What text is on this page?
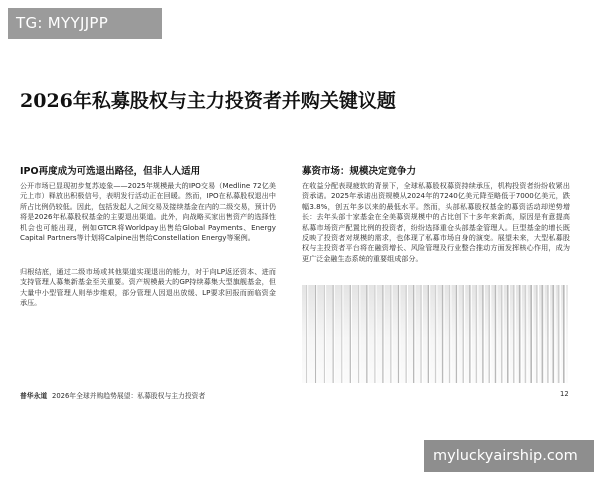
TG: MYYJJPP
2026年私募股权与主力投资者并购关键议题
IPO再度成为可选退出路径，但非人人适用

公开市场已显现初步复苏迹象——2025年规模最大的IPO交易（Medline 72亿美元上市）释放出积极信号，表明发行活动正在回暖。然而，IPO在私募股权退出中所占比例仍较低。因此，包括发起人之间交易及接续基金在内的二级交易，预计仍将是2026年私募股权基金的主要退出渠道。此外，向战略买家出售资产的选择性机会也可能出现，例如GTCR将Worldpay出售给Global Payments、Energy Capital Partners等计划将Calpine出售给Constellation Energy等案例。

归根结底，通过二级市场或其他渠道实现退出的能力，对于向LP返还资本、进而支持管理人募集新基金至关重要。资产规模最大的GP持续募集大型旗舰基金，但大量中小型管理人则举步维艰，部分管理人因退出放缓、LP要求回报而面临资金承压。

募资市场：规模决定竞争力

在收益分配表现疲软的背景下，全球私募股权募资持续承压，机构投资者纷纷收紧出资承诺。2025年承诺出资规模从2024年的7240亿美元降至略低于7000亿美元，跌幅3.8%，创五年多以来的最低水平。然而，头部私募股权基金的募资活动却逆势增长：去年头部十家基金在全美募资规模中的占比创下十多年来新高，原因是有意提高私募市场资产配置比例的投资者，纷纷选择重仓头部基金管理人。巨型基金的增长既反映了投资者对规模的需求，也体现了私募市场自身的演变。展望未来，大型私募股权与主投资者平台将在融资增长、风险管理及行业整合推动方面发挥核心作用，成为更广泛金融生态系统的重要组成部分。

普华永道 2026年全球并购趋势展望：私募股权与主力投资者	12
myluckyairship.com
